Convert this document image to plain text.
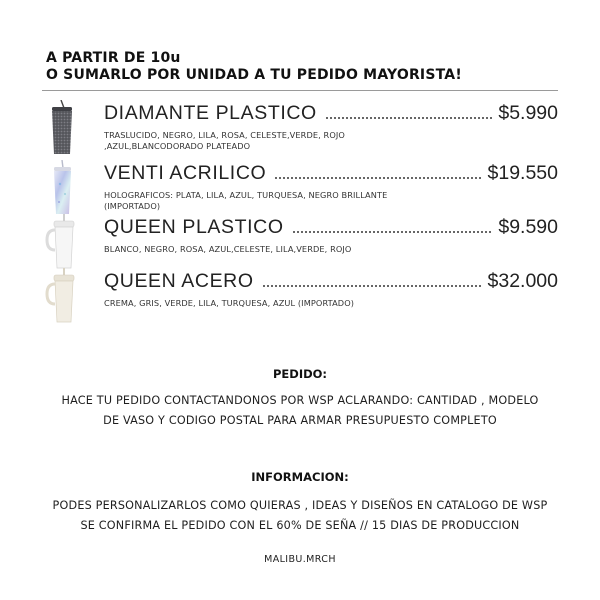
A PARTIR DE 10u
O SUMARLO POR UNIDAD A TU PEDIDO MAYORISTA!
DIAMANTE PLASTICO	$5.990
TRASLUCIDO, NEGRO, LILA, ROSA, CELESTE,VERDE, ROJO
,AZUL,BLANCODORADO PLATEADO
VENTI ACRILICO	$19.550
HOLOGRAFICOS: PLATA, LILA, AZUL, TURQUESA, NEGRO BRILLANTE (IMPORTADO)
QUEEN PLASTICO	$9.590
BLANCO, NEGRO, ROSA, AZUL,CELESTE, LILA,VERDE, ROJO
QUEEN ACERO	$32.000
CREMA, GRIS, VERDE, LILA, TURQUESA, AZUL (IMPORTADO)
PEDIDO:
HACE TU PEDIDO CONTACTANDONOS POR WSP ACLARANDO: CANTIDAD , MODELO
DE VASO Y CODIGO POSTAL PARA ARMAR PRESUPUESTO COMPLETO
INFORMACION:
PODES PERSONALIZARLOS COMO QUIERAS , IDEAS Y DISEÑOS EN CATALOGO DE WSP
SE CONFIRMA EL PEDIDO CON EL 60% DE SEÑA // 15 DIAS DE PRODUCCION
MALIBU.MRCH
